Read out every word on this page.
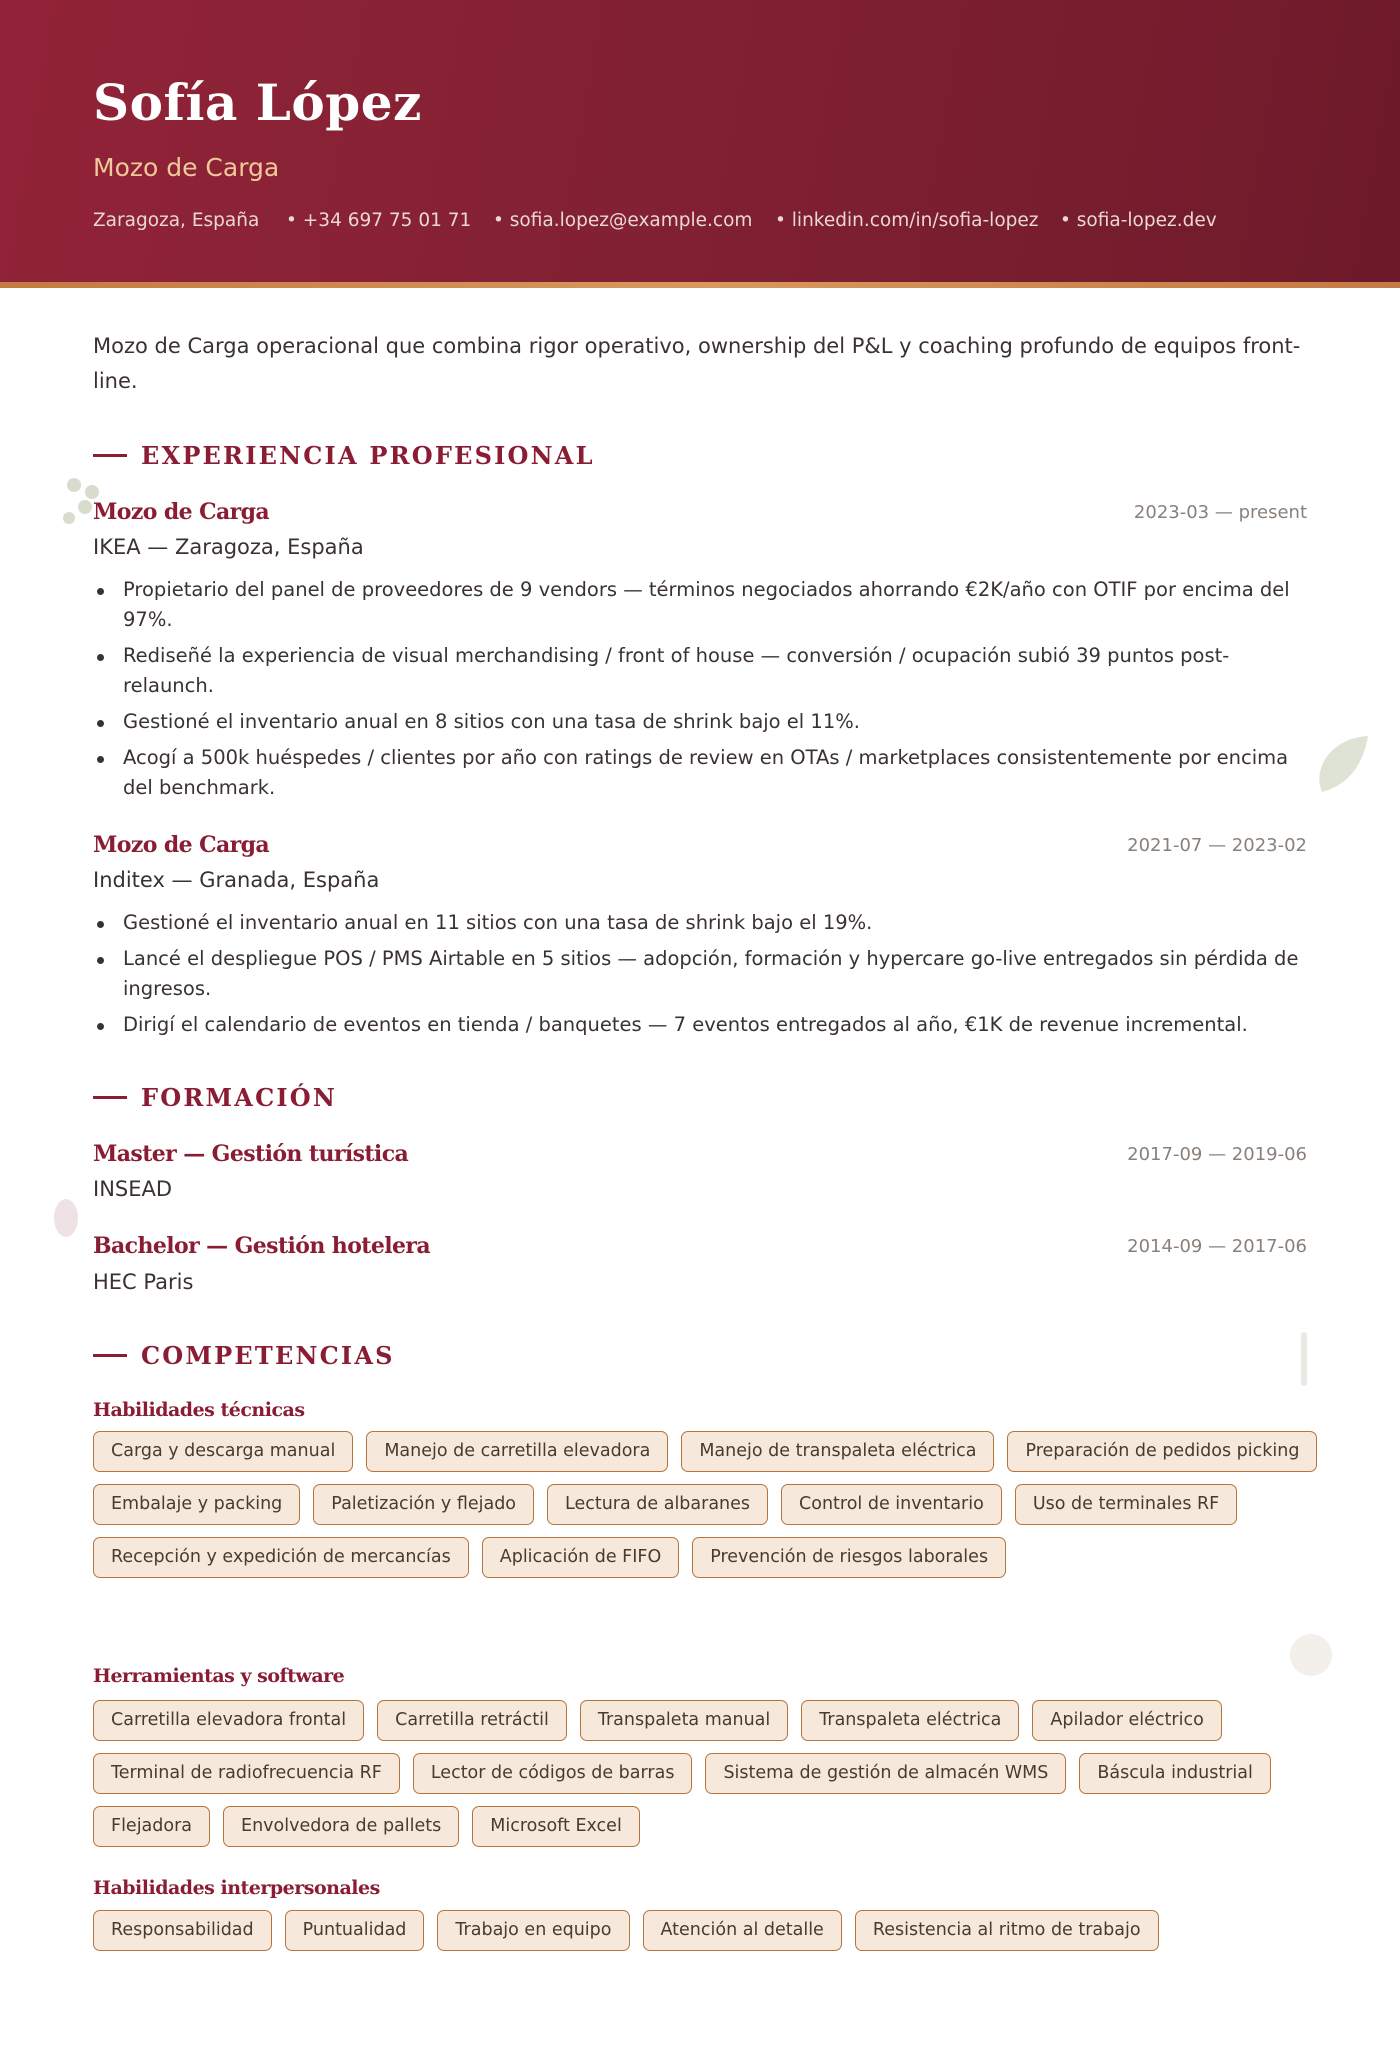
Sofía López
Mozo de Carga
Zaragoza, España • +34 697 75 01 71 • sofia.lopez@example.com • linkedin.com/in/sofia-lopez • sofia-lopez.dev

Mozo de Carga operacional que combina rigor operativo, ownership del P&L y coaching profundo de equipos front-line.

EXPERIENCIA PROFESIONAL
Mozo de Carga	2023-03 — present
IKEA — Zaragoza, España
Propietario del panel de proveedores de 9 vendors — términos negociados ahorrando €2K/año con OTIF por encima del 97%.
Rediseñé la experiencia de visual merchandising / front of house — conversión / ocupación subió 39 puntos post-relaunch.
Gestioné el inventario anual en 8 sitios con una tasa de shrink bajo el 11%.
Acogí a 500k huéspedes / clientes por año con ratings de review en OTAs / marketplaces consistentemente por encima del benchmark.
Mozo de Carga	2021-07 — 2023-02
Inditex — Granada, España
Gestioné el inventario anual en 11 sitios con una tasa de shrink bajo el 19%.
Lancé el despliegue POS / PMS Airtable en 5 sitios — adopción, formación y hypercare go-live entregados sin pérdida de ingresos.
Dirigí el calendario de eventos en tienda / banquetes — 7 eventos entregados al año, €1K de revenue incremental.
FORMACIÓN
Master — Gestión turística	2017-09 — 2019-06
INSEAD
Bachelor — Gestión hotelera	2014-09 — 2017-06
HEC Paris
COMPETENCIAS
Habilidades técnicas
Carga y descarga manual	Manejo de carretilla elevadora	Manejo de transpaleta eléctrica	Preparación de pedidos picking
Embalaje y packing	Paletización y flejado	Lectura de albaranes	Control de inventario	Uso de terminales RF
Recepción y expedición de mercancías	Aplicación de FIFO	Prevención de riesgos laborales
Herramientas y software
Carretilla elevadora frontal	Carretilla retráctil	Transpaleta manual	Transpaleta eléctrica	Apilador eléctrico
Terminal de radiofrecuencia RF	Lector de códigos de barras	Sistema de gestión de almacén WMS	Báscula industrial
Flejadora	Envolvedora de pallets	Microsoft Excel
Habilidades interpersonales
Responsabilidad	Puntualidad	Trabajo en equipo	Atención al detalle	Resistencia al ritmo de trabajo
